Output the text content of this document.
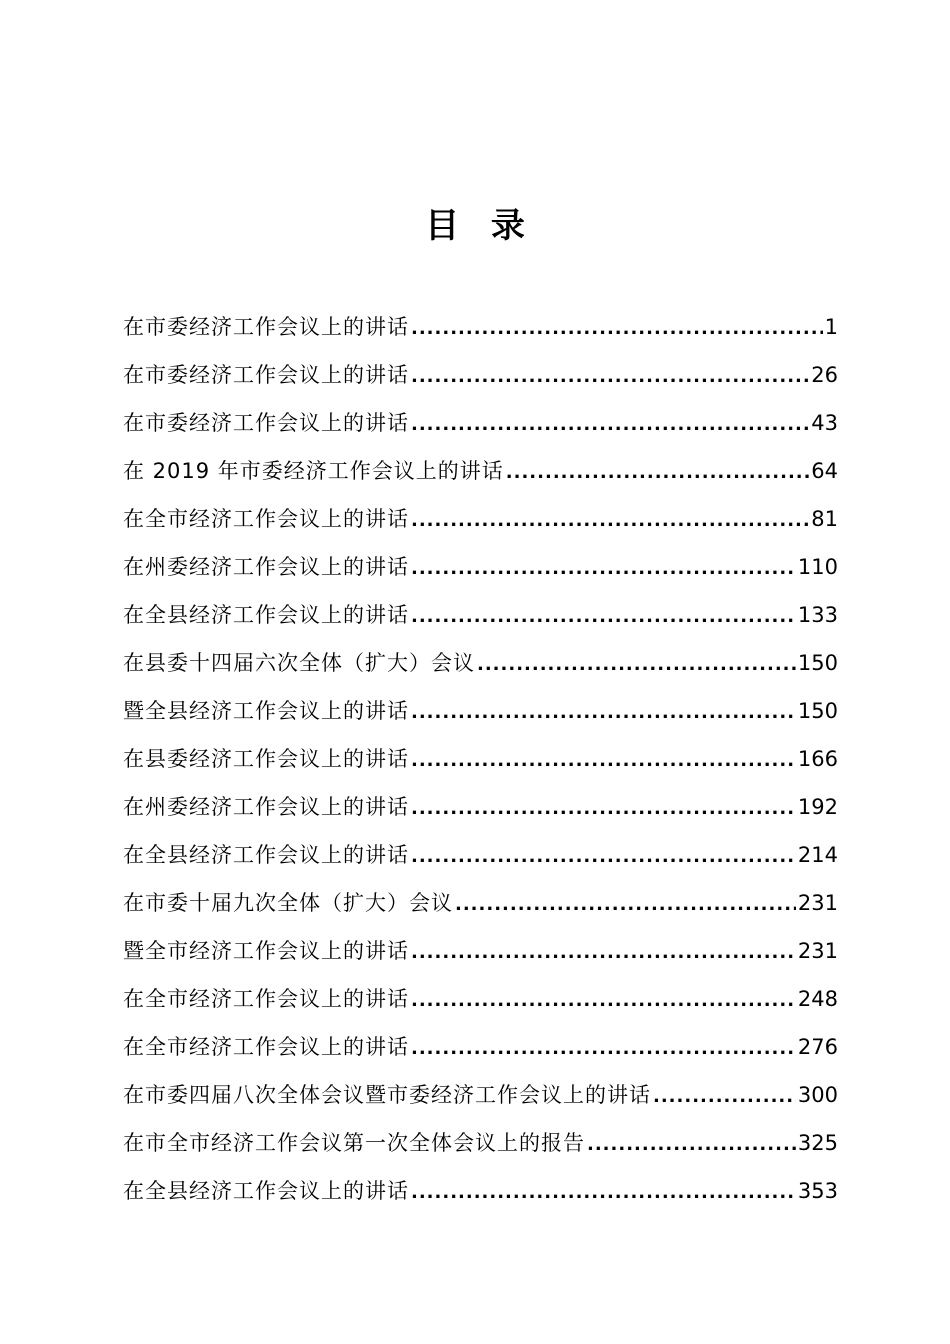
目 录
在市委经济工作会议上的讲话 .....	1
在市委经济工作会议上的讲话 .....	26
在市委经济工作会议上的讲话 .....	43
在 2019 年市委经济工作会议上的讲话 .....	64
在全市经济工作会议上的讲话 .....	81
在州委经济工作会议上的讲话 .....	110
在全县经济工作会议上的讲话 .....	133
在县委十四届六次全体（扩大）会议 .....	150
暨全县经济工作会议上的讲话 .....	150
在县委经济工作会议上的讲话 .....	166
在州委经济工作会议上的讲话 .....	192
在全县经济工作会议上的讲话 .....	214
在市委十届九次全体（扩大）会议 .....	231
暨全市经济工作会议上的讲话 .....	231
在全市经济工作会议上的讲话 .....	248
在全市经济工作会议上的讲话 .....	276
在市委四届八次全体会议暨市委经济工作会议上的讲话 .....	300
在市全市经济工作会议第一次全体会议上的报告 .....	325
在全县经济工作会议上的讲话 .....	353
